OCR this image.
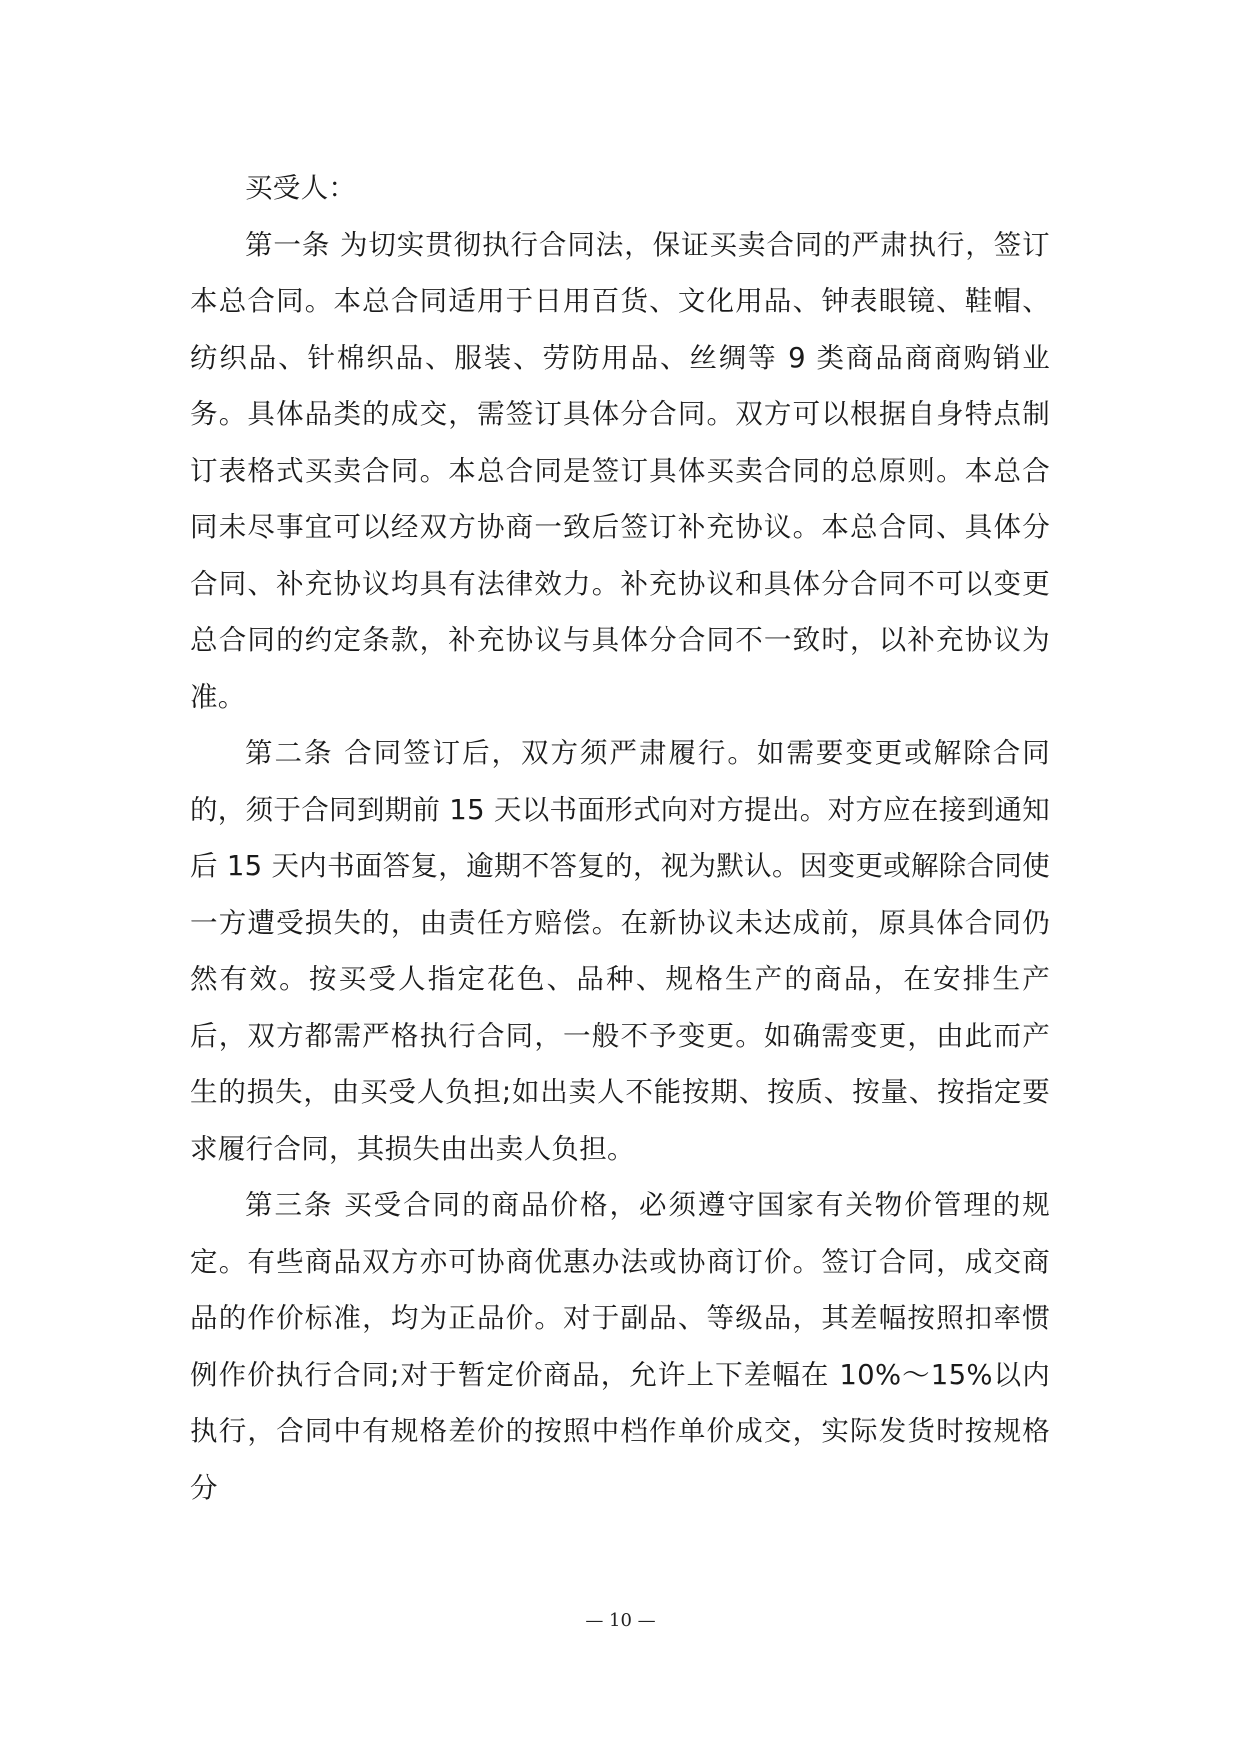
买受人：

第一条 为切实贯彻执行合同法，保证买卖合同的严肃执行，签订本总合同。本总合同适用于日用百货、文化用品、钟表眼镜、鞋帽、纺织品、针棉织品、服装、劳防用品、丝绸等 9 类商品商商购销业务。具体品类的成交，需签订具体分合同。双方可以根据自身特点制订表格式买卖合同。本总合同是签订具体买卖合同的总原则。本总合同未尽事宜可以经双方协商一致后签订补充协议。本总合同、具体分合同、补充协议均具有法律效力。补充协议和具体分合同不可以变更总合同的约定条款，补充协议与具体分合同不一致时，以补充协议为准。

第二条 合同签订后，双方须严肃履行。如需要变更或解除合同的，须于合同到期前 15 天以书面形式向对方提出。对方应在接到通知后 15 天内书面答复，逾期不答复的，视为默认。因变更或解除合同使一方遭受损失的，由责任方赔偿。在新协议未达成前，原具体合同仍然有效。按买受人指定花色、品种、规格生产的商品，在安排生产后，双方都需严格执行合同，一般不予变更。如确需变更，由此而产生的损失，由买受人负担;如出卖人不能按期、按质、按量、按指定要求履行合同，其损失由出卖人负担。

第三条 买受合同的商品价格，必须遵守国家有关物价管理的规定。有些商品双方亦可协商优惠办法或协商订价。签订合同，成交商品的作价标准，均为正品价。对于副品、等级品，其差幅按照扣率惯例作价执行合同;对于暂定价商品，允许上下差幅在 10%～15%以内执行，合同中有规格差价的按照中档作单价成交，实际发货时按规格分

— 10 —
